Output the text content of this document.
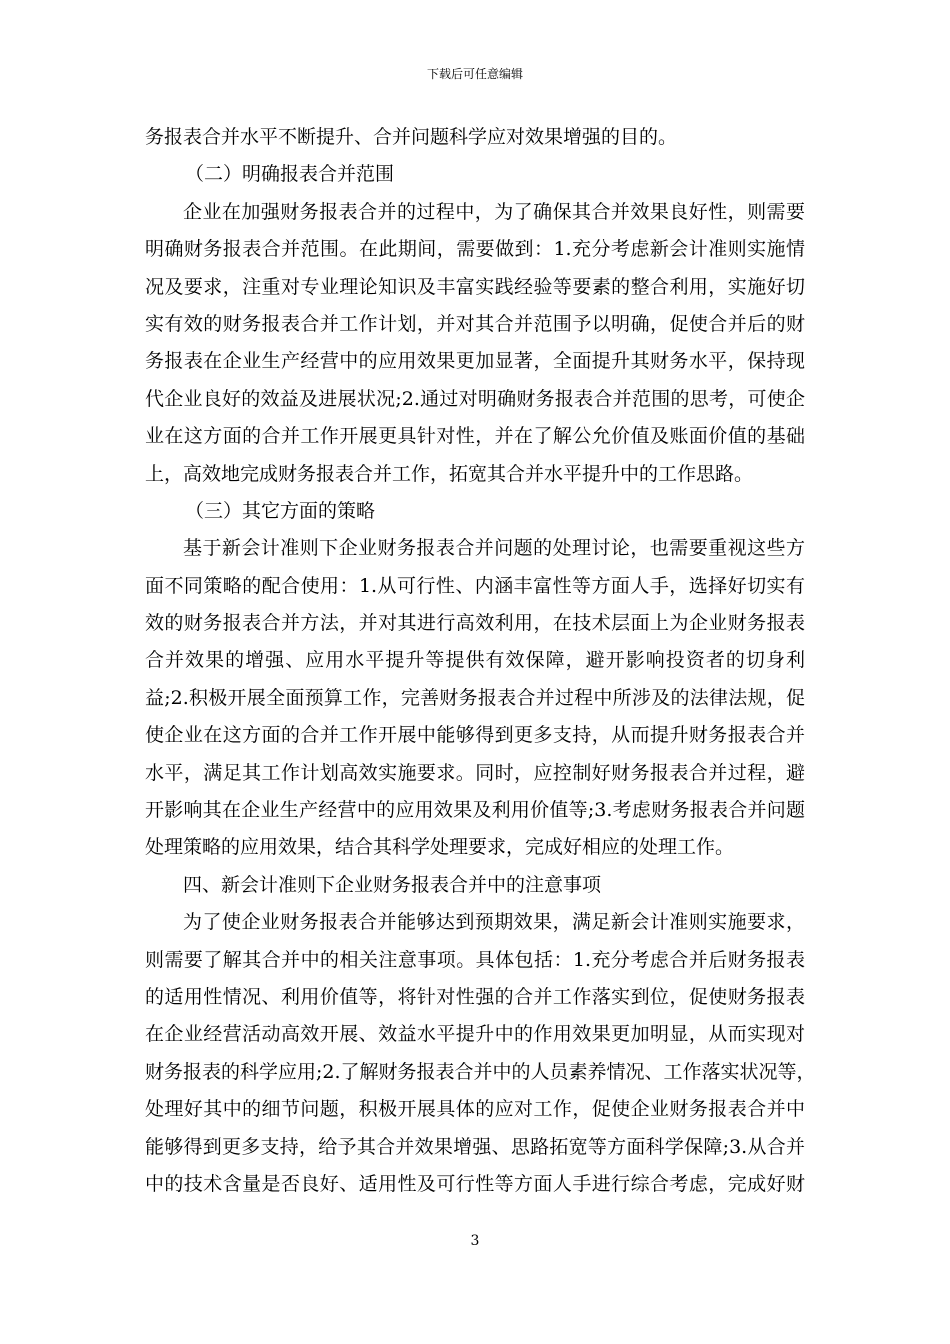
下载后可任意编辑
务报表合并水平不断提升、合并问题科学应对效果增强的目的。
（二）明确报表合并范围
企业在加强财务报表合并的过程中，为了确保其合并效果良好性，则需要
明确财务报表合并范围。在此期间，需要做到：1.充分考虑新会计准则实施情
况及要求，注重对专业理论知识及丰富实践经验等要素的整合利用，实施好切
实有效的财务报表合并工作计划，并对其合并范围予以明确，促使合并后的财
务报表在企业生产经营中的应用效果更加显著，全面提升其财务水平，保持现
代企业良好的效益及进展状况;2.通过对明确财务报表合并范围的思考，可使企
业在这方面的合并工作开展更具针对性，并在了解公允价值及账面价值的基础
上，高效地完成财务报表合并工作，拓宽其合并水平提升中的工作思路。
（三）其它方面的策略
基于新会计准则下企业财务报表合并问题的处理讨论，也需要重视这些方
面不同策略的配合使用：1.从可行性、内涵丰富性等方面人手，选择好切实有
效的财务报表合并方法，并对其进行高效利用，在技术层面上为企业财务报表
合并效果的增强、应用水平提升等提供有效保障，避开影响投资者的切身利
益;2.积极开展全面预算工作，完善财务报表合并过程中所涉及的法律法规，促
使企业在这方面的合并工作开展中能够得到更多支持，从而提升财务报表合并
水平，满足其工作计划高效实施要求。同时，应控制好财务报表合并过程，避
开影响其在企业生产经营中的应用效果及利用价值等;3.考虑财务报表合并问题
处理策略的应用效果，结合其科学处理要求，完成好相应的处理工作。
四、新会计准则下企业财务报表合并中的注意事项
为了使企业财务报表合并能够达到预期效果，满足新会计准则实施要求，
则需要了解其合并中的相关注意事项。具体包括：1.充分考虑合并后财务报表
的适用性情况、利用价值等，将针对性强的合并工作落实到位，促使财务报表
在企业经营活动高效开展、效益水平提升中的作用效果更加明显，从而实现对
财务报表的科学应用;2.了解财务报表合并中的人员素养情况、工作落实状况等，
处理好其中的细节问题，积极开展具体的应对工作，促使企业财务报表合并中
能够得到更多支持，给予其合并效果增强、思路拓宽等方面科学保障;3.从合并
中的技术含量是否良好、适用性及可行性等方面人手进行综合考虑，完成好财
3
